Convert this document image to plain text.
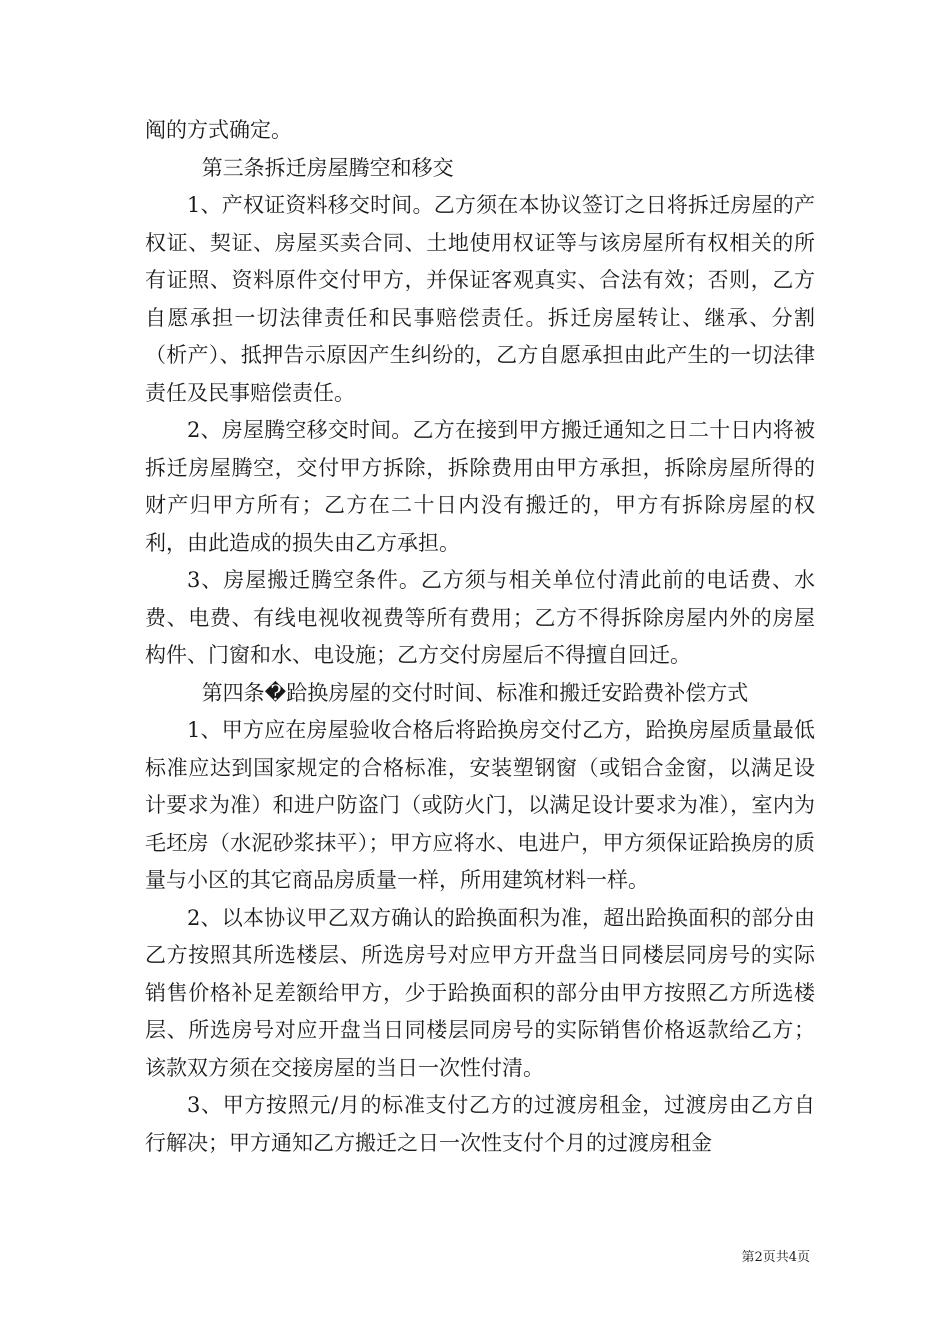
阄的方式确定。

第三条拆迁房屋腾空和移交

1、产权证资料移交时间。乙方须在本协议签订之日将拆迁房屋的产权证、契证、房屋买卖合同、土地使用权证等与该房屋所有权相关的所有证照、资料原件交付甲方，并保证客观真实、合法有效；否则，乙方自愿承担一切法律责任和民事赔偿责任。拆迁房屋转让、继承、分割（析产）、抵押告示原因产生纠纷的，乙方自愿承担由此产生的一切法律责任及民事赔偿责任。

2、房屋腾空移交时间。乙方在接到甲方搬迁通知之日二十日内将被拆迁房屋腾空，交付甲方拆除，拆除费用由甲方承担，拆除房屋所得的财产归甲方所有；乙方在二十日内没有搬迁的，甲方有拆除房屋的权利，由此造成的损失由乙方承担。

3、房屋搬迁腾空条件。乙方须与相关单位付清此前的电话费、水费、电费、有线电视收视费等所有费用；乙方不得拆除房屋内外的房屋构件、门窗和水、电设施；乙方交付房屋后不得擅自回迁。

第四条�跲换房屋的交付时间、标准和搬迁安跲费补偿方式

1、甲方应在房屋验收合格后将跲换房交付乙方，跲换房屋质量最低标准应达到国家规定的合格标准，安装塑钢窗（或铝合金窗，以满足设计要求为准）和进户防盗门（或防火门，以满足设计要求为准），室内为毛坯房（水泥砂浆抹平）；甲方应将水、电进户，甲方须保证跲换房的质量与小区的其它商品房质量一样，所用建筑材料一样。

2、以本协议甲乙双方确认的跲换面积为准，超出跲换面积的部分由乙方按照其所选楼层、所选房号对应甲方开盘当日同楼层同房号的实际销售价格补足差额给甲方，少于跲换面积的部分由甲方按照乙方所选楼层、所选房号对应开盘当日同楼层同房号的实际销售价格返款给乙方；该款双方须在交接房屋的当日一次性付清。

3、甲方按照元/月的标准支付乙方的过渡房租金，过渡房由乙方自行解决；甲方通知乙方搬迁之日一次性支付个月的过渡房租金

第2页共4页
